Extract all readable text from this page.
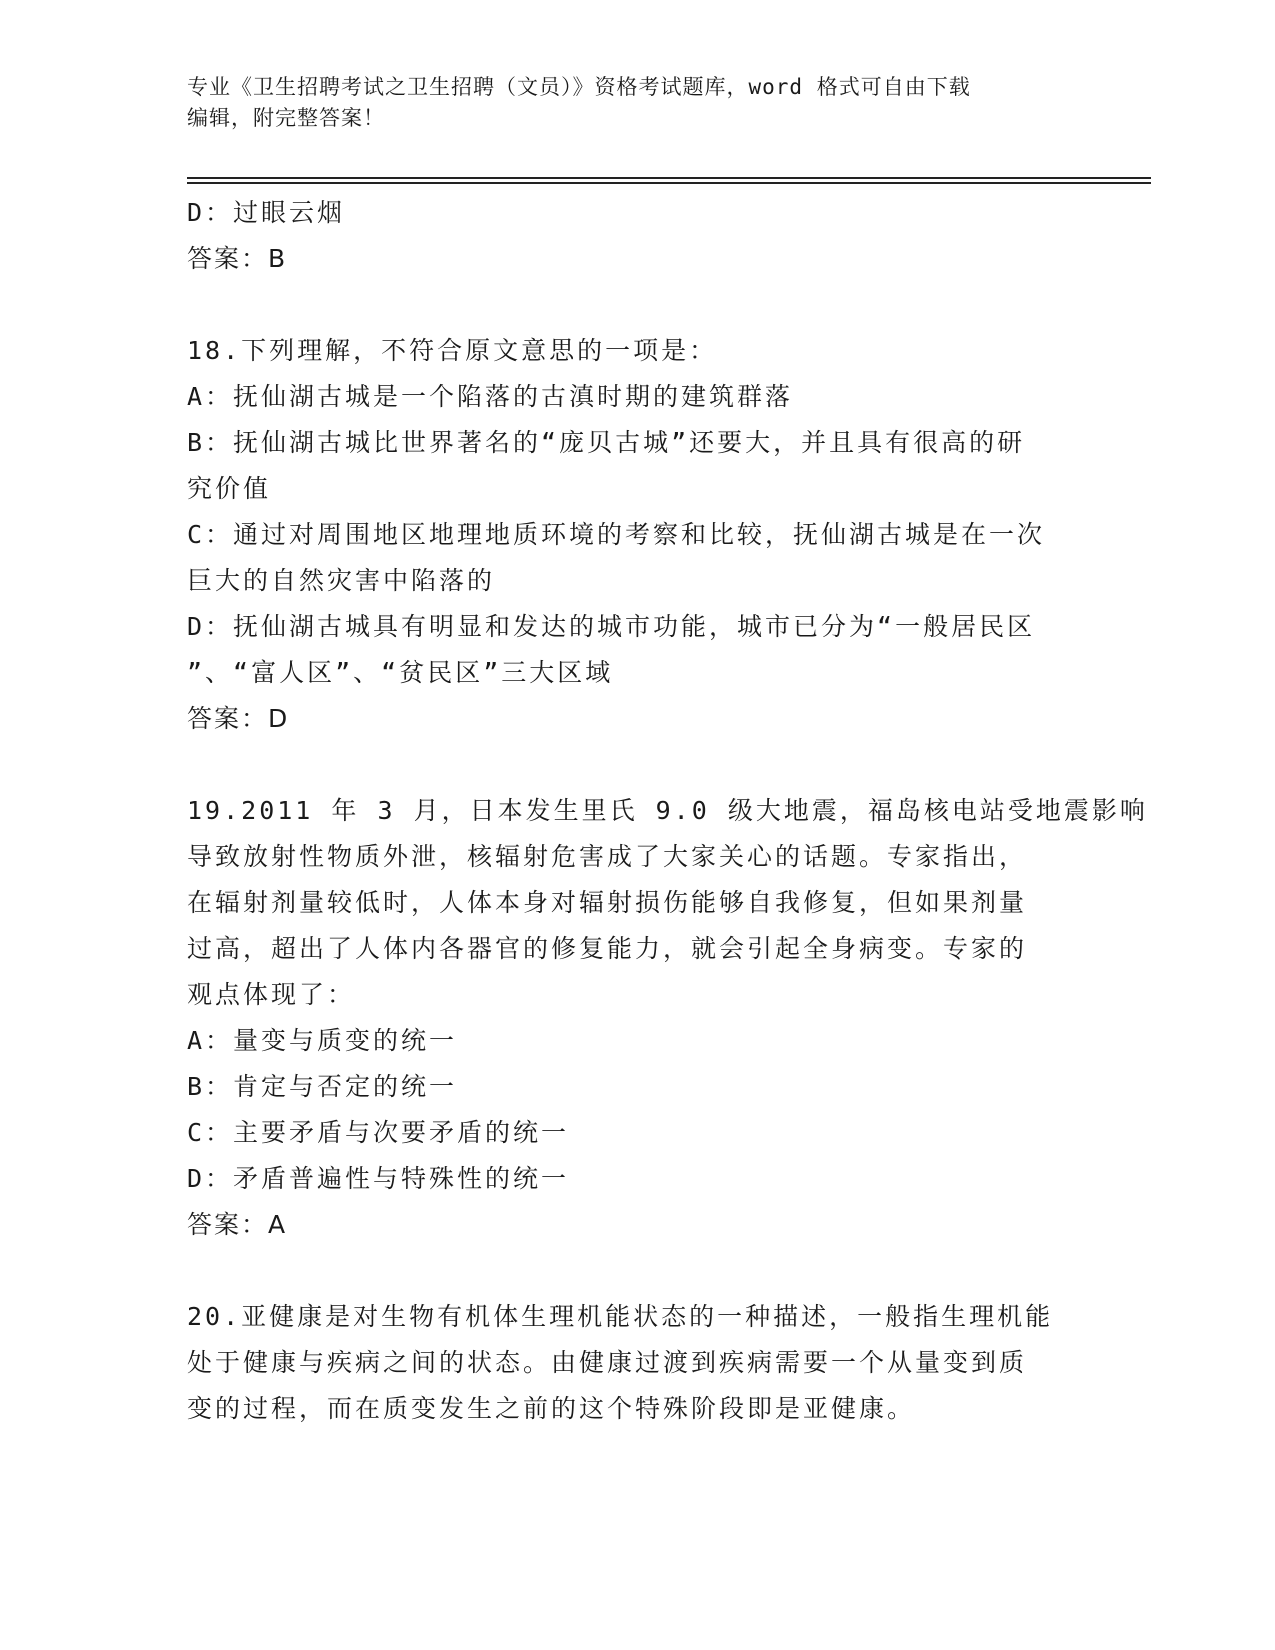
专业《卫生招聘考试之卫生招聘（文员）》资格考试题库，word 格式可自由下载
编辑，附完整答案！
D：过眼云烟
答案：B
18.下列理解，不符合原文意思的一项是：
A：抚仙湖古城是一个陷落的古滇时期的建筑群落
B：抚仙湖古城比世界著名的“庞贝古城”还要大，并且具有很高的研
究价值
C：通过对周围地区地理地质环境的考察和比较，抚仙湖古城是在一次
巨大的自然灾害中陷落的
D：抚仙湖古城具有明显和发达的城市功能，城市已分为“一般居民区
”、“富人区”、“贫民区”三大区域
答案：D
19.2011 年 3 月，日本发生里氏 9.0 级大地震，福岛核电站受地震影响
导致放射性物质外泄，核辐射危害成了大家关心的话题。专家指出，
在辐射剂量较低时，人体本身对辐射损伤能够自我修复，但如果剂量
过高，超出了人体内各器官的修复能力，就会引起全身病变。专家的
观点体现了：
A：量变与质变的统一
B：肯定与否定的统一
C：主要矛盾与次要矛盾的统一
D：矛盾普遍性与特殊性的统一
答案：A
20.亚健康是对生物有机体生理机能状态的一种描述，一般指生理机能
处于健康与疾病之间的状态。由健康过渡到疾病需要一个从量变到质
变的过程，而在质变发生之前的这个特殊阶段即是亚健康。
